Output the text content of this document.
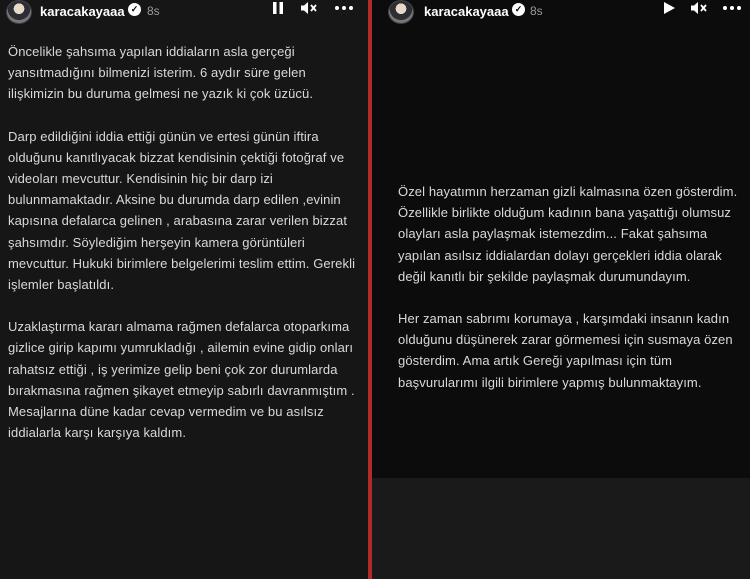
karacakayaaa ✓ 8s

Öncelikle şahsıma yapılan iddiaların asla gerçeği yansıtmadığını bilmenizi isterim. 6 aydır süre gelen ilişkimizin bu duruma gelmesi ne yazık ki çok üzücü.

Darp edildiğini iddia ettiği günün ve ertesi günün iftira olduğunu kanıtlıyacak bizzat kendisinin çektiği fotoğraf ve videoları mevcuttur. Kendisinin hiç bir darp izi bulunmamaktadır. Aksine bu durumda darp edilen ,evinin kapısına defalarca gelinen , arabasına zarar verilen bizzat şahsımdır. Söylediğim herşeyin kamera görüntüleri mevcuttur. Hukuki birimlere belgelerimi teslim ettim. Gerekli işlemler başlatıldı.

Uzaklaştırma kararı almama rağmen defalarca otoparkıma gizlice girip kapımı yumrukladığı , ailemin evine gidip onları rahatsız ettiği , iş yerimize gelip beni çok zor durumlarda bırakmasına rağmen şikayet etmeyip sabırlı davranmıştım . Mesajlarına düne kadar cevap vermedim ve bu asılsız iddialarla karşı karşıya kaldım.

karacakayaaa ✓ 8s

Özel hayatımın herzaman gizli kalmasına özen gösterdim. Özellikle birlikte olduğum kadının bana yaşattığı olumsuz olayları asla paylaşmak istemezdim... Fakat şahsıma yapılan asılsız iddialardan dolayı gerçekleri iddia olarak değil kanıtlı bir şekilde paylaşmak durumundayım.

Her zaman sabrımı korumaya , karşımdaki insanın kadın olduğunu düşünerek zarar görmemesi için susmaya özen gösterdim. Ama artık Gereği yapılması için tüm başvurularımı ilgili birimlere yapmış bulunmaktayım.
